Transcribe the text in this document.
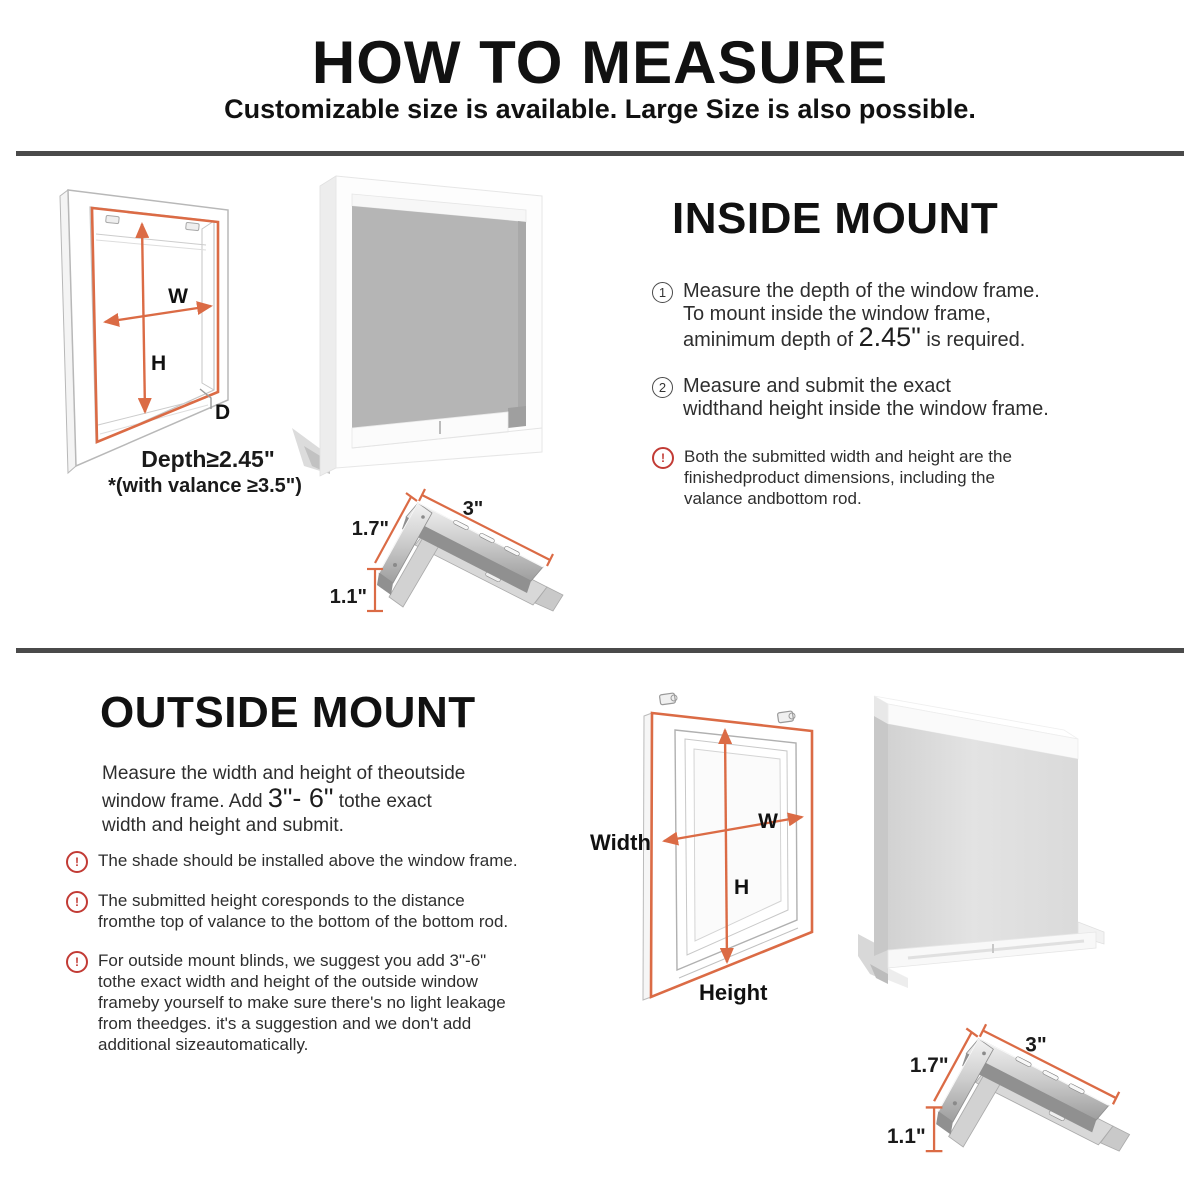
HOW TO MEASURE
Customizable size is available. Large Size is also possible.
W
H
D
Depth≥2.45"
*(with valance ≥3.5")
3"
1.7"
1.1"
INSIDE MOUNT
1 Measure the depth of the window frame.
To mount inside the window frame,
aminimum depth of 2.45" is required.
2 Measure and submit the exact
widthand height inside the window frame.
!	Both the submitted width and height are the
finishedproduct dimensions, including the
valance andbottom rod.
OUTSIDE MOUNT
Measure the width and height of theoutside
window frame. Add 3"- 6" tothe exact
width and height and submit.
!	The shade should be installed above the window frame.
!	The submitted height coresponds to the distance
fromthe top of valance to the bottom of the bottom rod.
!	For outside mount blinds, we suggest you add 3"-6"
tothe exact width and height of the outside window
frameby yourself to make sure there's no light leakage
from theedges. it's a suggestion and we don't add
additional sizeautomatically.
Width
W
H
Height
3"
1.7"
1.1"
